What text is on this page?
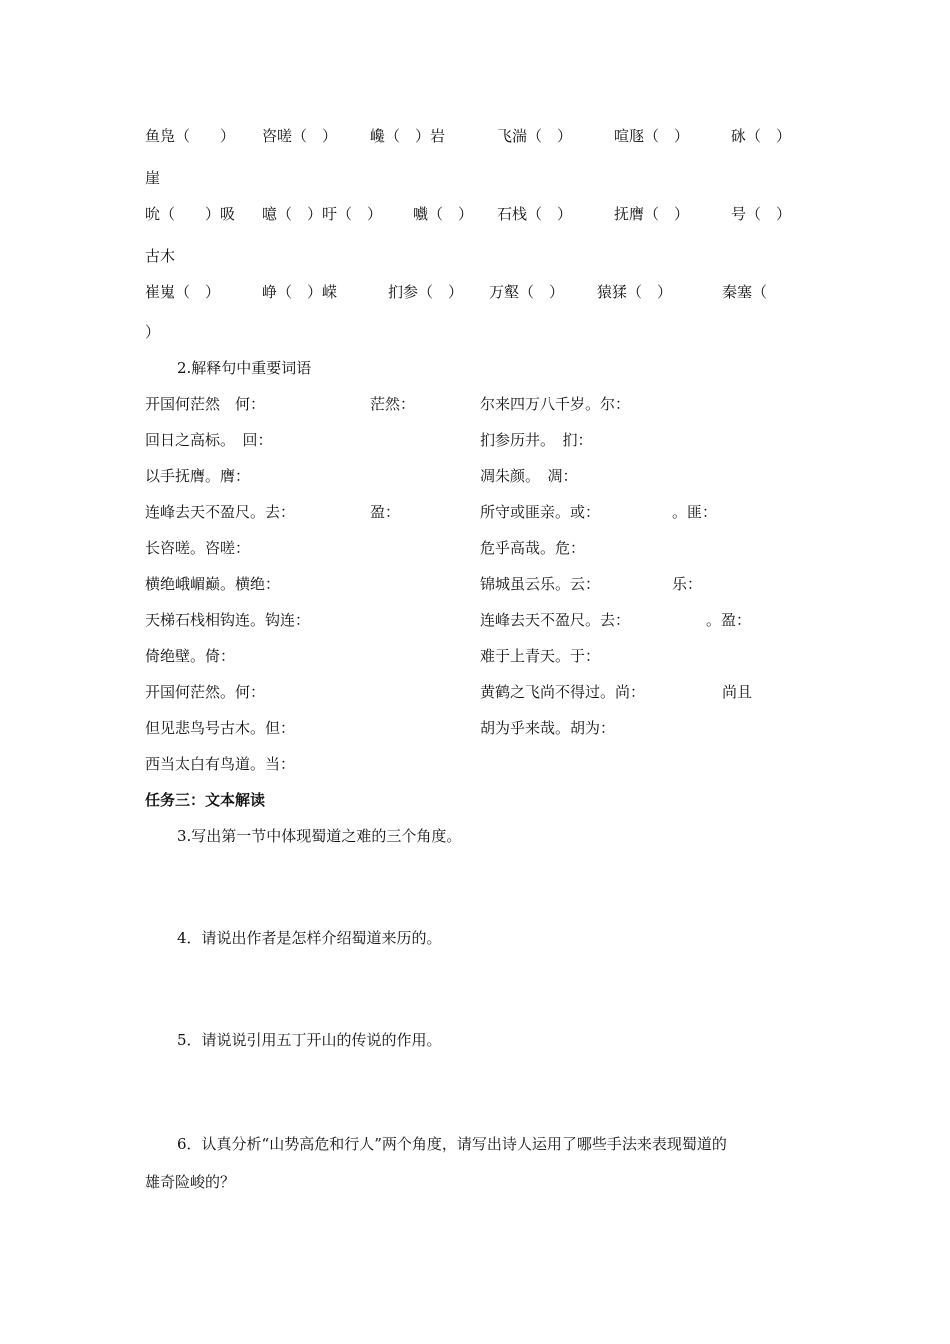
鱼凫（　　） 咨嗟（　） 巉（　）岩	飞湍（　）	喧豗（　）	砯（　）
崖
吮（　　）吸 噫（　）吁（　） 嚱（　） 石栈（　）	抚膺（　）	号（　）
古木
崔嵬（　）	峥（　）嵘	扪参（　） 万壑（　） 猿猱（　）	秦塞（
）
2.解释句中重要词语
开国何茫然　何：	茫然：	尔来四万八千岁。尔：
回日之高标。　回：	扪参历井。　扪：
以手抚膺。膺：	凋朱颜。　凋：
连峰去天不盈尺。去：	盈：	所守或匪亲。或：	。匪：
长咨嗟。咨嗟：	危乎高哉。危：
横绝峨嵋巅。横绝：	锦城虽云乐。云：	乐：
天梯石栈相钩连。钩连：	连峰去天不盈尺。去：	。盈：
倚绝壁。倚：	难于上青天。于：
开国何茫然。何：	黄鹤之飞尚不得过。尚：	尚且
但见悲鸟号古木。但：	胡为乎来哉。胡为：
西当太白有鸟道。当：
任务三：文本解读
3.写出第一节中体现蜀道之难的三个角度。
4．请说出作者是怎样介绍蜀道来历的。
5．请说说引用五丁开山的传说的作用。
6．认真分析“山势高危和行人”两个角度，请写出诗人运用了哪些手法来表现蜀道的
雄奇险峻的？
